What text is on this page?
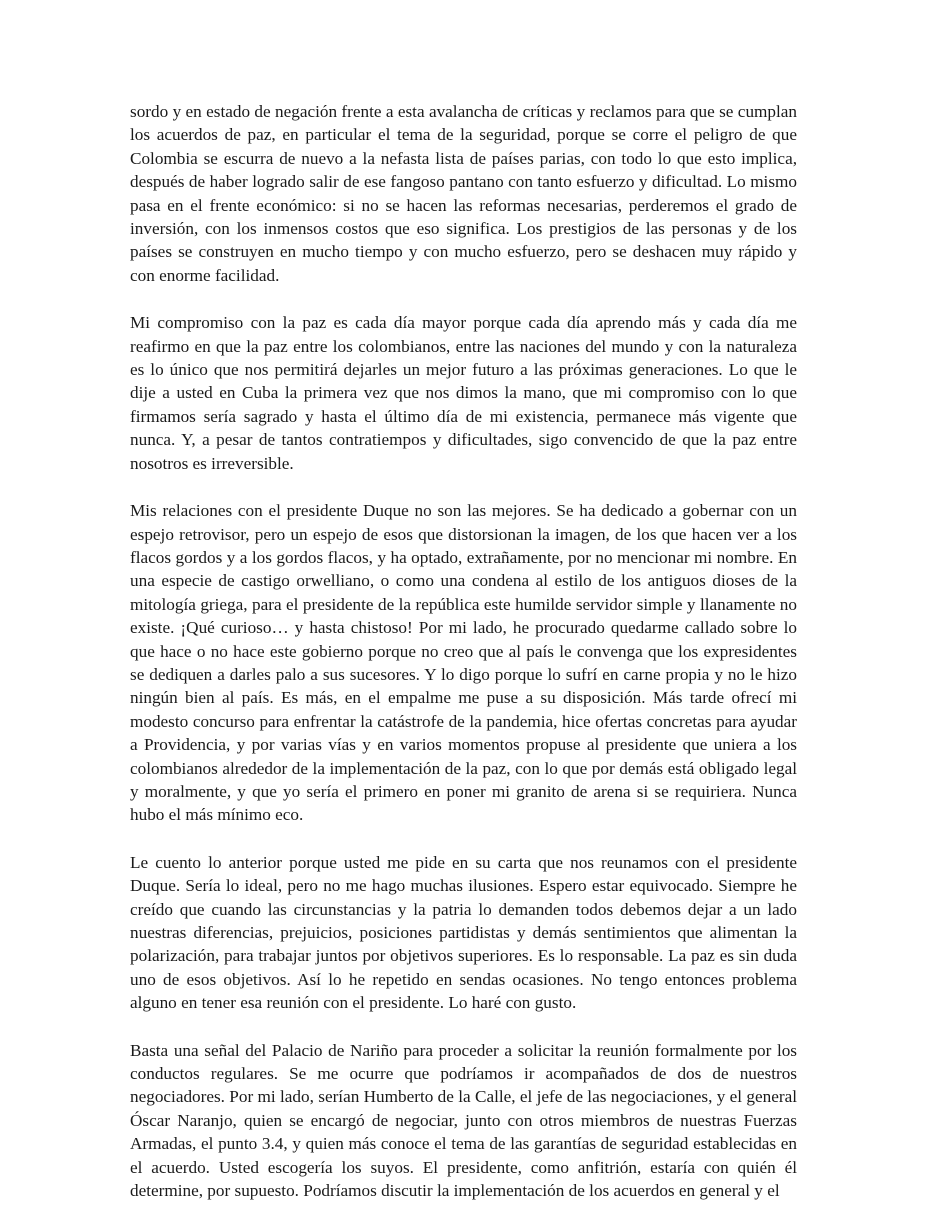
sordo y en estado de negación frente a esta avalancha de críticas y reclamos para que se cumplan los acuerdos de paz, en particular el tema de la seguridad, porque se corre el peligro de que Colombia se escurra de nuevo a la nefasta lista de países parias, con todo lo que esto implica, después de haber logrado salir de ese fangoso pantano con tanto esfuerzo y dificultad. Lo mismo pasa en el frente económico: si no se hacen las reformas necesarias, perderemos el grado de inversión, con los inmensos costos que eso significa. Los prestigios de las personas y de los países se construyen en mucho tiempo y con mucho esfuerzo, pero se deshacen muy rápido y con enorme facilidad.

Mi compromiso con la paz es cada día mayor porque cada día aprendo más y cada día me reafirmo en que la paz entre los colombianos, entre las naciones del mundo y con la naturaleza es lo único que nos permitirá dejarles un mejor futuro a las próximas generaciones. Lo que le dije a usted en Cuba la primera vez que nos dimos la mano, que mi compromiso con lo que firmamos sería sagrado y hasta el último día de mi existencia, permanece más vigente que nunca. Y, a pesar de tantos contratiempos y dificultades, sigo convencido de que la paz entre nosotros es irreversible.

Mis relaciones con el presidente Duque no son las mejores. Se ha dedicado a gobernar con un espejo retrovisor, pero un espejo de esos que distorsionan la imagen, de los que hacen ver a los flacos gordos y a los gordos flacos, y ha optado, extrañamente, por no mencionar mi nombre. En una especie de castigo orwelliano, o como una condena al estilo de los antiguos dioses de la mitología griega, para el presidente de la república este humilde servidor simple y llanamente no existe. ¡Qué curioso… y hasta chistoso! Por mi lado, he procurado quedarme callado sobre lo que hace o no hace este gobierno porque no creo que al país le convenga que los expresidentes se dediquen a darles palo a sus sucesores. Y lo digo porque lo sufrí en carne propia y no le hizo ningún bien al país. Es más, en el empalme me puse a su disposición. Más tarde ofrecí mi modesto concurso para enfrentar la catástrofe de la pandemia, hice ofertas concretas para ayudar a Providencia, y por varias vías y en varios momentos propuse al presidente que uniera a los colombianos alrededor de la implementación de la paz, con lo que por demás está obligado legal y moralmente, y que yo sería el primero en poner mi granito de arena si se requiriera. Nunca hubo el más mínimo eco.

Le cuento lo anterior porque usted me pide en su carta que nos reunamos con el presidente Duque. Sería lo ideal, pero no me hago muchas ilusiones. Espero estar equivocado. Siempre he creído que cuando las circunstancias y la patria lo demanden todos debemos dejar a un lado nuestras diferencias, prejuicios, posiciones partidistas y demás sentimientos que alimentan la polarización, para trabajar juntos por objetivos superiores. Es lo responsable. La paz es sin duda uno de esos objetivos. Así lo he repetido en sendas ocasiones. No tengo entonces problema alguno en tener esa reunión con el presidente. Lo haré con gusto.

Basta una señal del Palacio de Nariño para proceder a solicitar la reunión formalmente por los conductos regulares. Se me ocurre que podríamos ir acompañados de dos de nuestros negociadores. Por mi lado, serían Humberto de la Calle, el jefe de las negociaciones, y el general Óscar Naranjo, quien se encargó de negociar, junto con otros miembros de nuestras Fuerzas Armadas, el punto 3.4, y quien más conoce el tema de las garantías de seguridad establecidas en el acuerdo. Usted escogería los suyos. El presidente, como anfitrión, estaría con quién él determine, por supuesto. Podríamos discutir la implementación de los acuerdos en general y el
